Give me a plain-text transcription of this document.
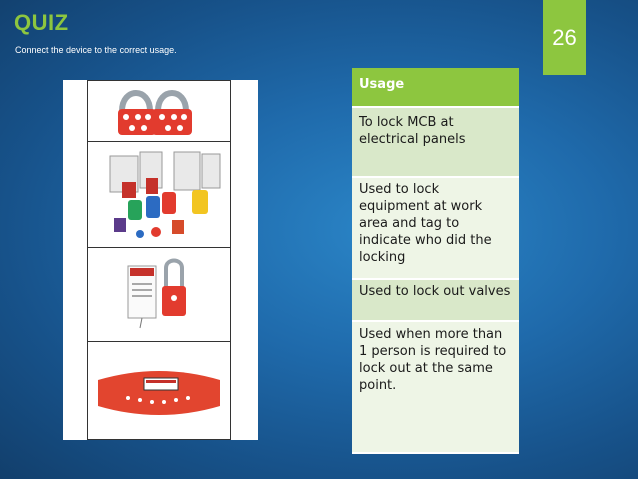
QUIZ
Connect the device to the correct usage.
26
Usage
To lock MCB at electrical panels
Used to lock equipment at work area and tag to indicate who did the locking
Used to lock out valves
Used when more than 1 person is required to lock out at the same point.
